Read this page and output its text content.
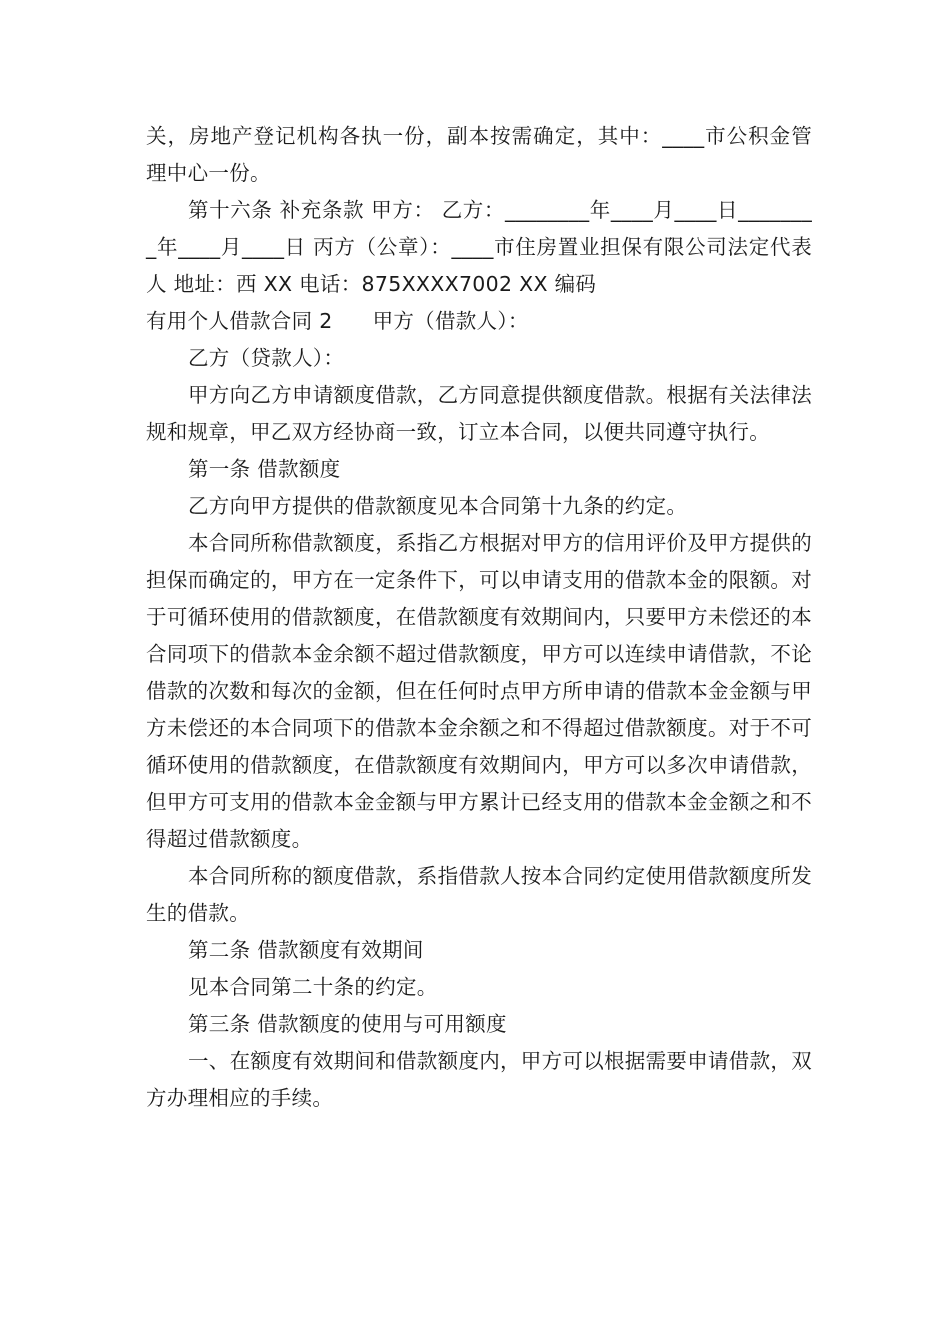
关，房地产登记机构各执一份，副本按需确定，其中：____市公积金管理中心一份。

第十六条 补充条款 甲方： 乙方：________年____月____日________年____月____日 丙方（公章）：____市住房置业担保有限公司法定代表人 地址：西 XX 电话：875XXXX7002 XX 编码

有用个人借款合同 2 甲方（借款人）：

乙方（贷款人）：

甲方向乙方申请额度借款，乙方同意提供额度借款。根据有关法律法规和规章，甲乙双方经协商一致，订立本合同，以便共同遵守执行。

第一条 借款额度

乙方向甲方提供的借款额度见本合同第十九条的约定。

本合同所称借款额度，系指乙方根据对甲方的信用评价及甲方提供的担保而确定的，甲方在一定条件下，可以申请支用的借款本金的限额。对于可循环使用的借款额度，在借款额度有效期间内，只要甲方未偿还的本合同项下的借款本金余额不超过借款额度，甲方可以连续申请借款，不论借款的次数和每次的金额，但在任何时点甲方所申请的借款本金金额与甲方未偿还的本合同项下的借款本金余额之和不得超过借款额度。对于不可循环使用的借款额度，在借款额度有效期间内，甲方可以多次申请借款，但甲方可支用的借款本金金额与甲方累计已经支用的借款本金金额之和不得超过借款额度。

本合同所称的额度借款，系指借款人按本合同约定使用借款额度所发生的借款。

第二条 借款额度有效期间

见本合同第二十条的约定。

第三条 借款额度的使用与可用额度

一、在额度有效期间和借款额度内，甲方可以根据需要申请借款，双方办理相应的手续。
